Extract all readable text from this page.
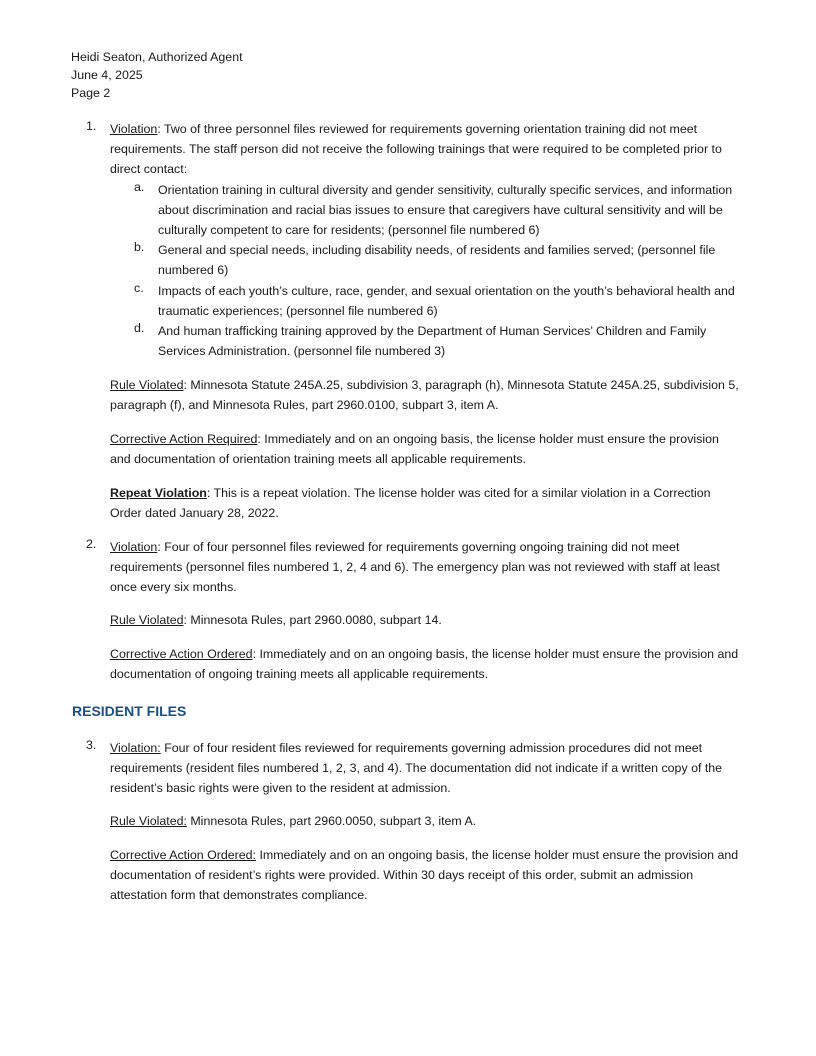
Heidi Seaton, Authorized Agent
June 4, 2025
Page 2
1. Violation: Two of three personnel files reviewed for requirements governing orientation training did not meet requirements. The staff person did not receive the following trainings that were required to be completed prior to direct contact:
a. Orientation training in cultural diversity and gender sensitivity, culturally specific services, and information about discrimination and racial bias issues to ensure that caregivers have cultural sensitivity and will be culturally competent to care for residents; (personnel file numbered 6)
b. General and special needs, including disability needs, of residents and families served; (personnel file numbered 6)
c. Impacts of each youth’s culture, race, gender, and sexual orientation on the youth’s behavioral health and traumatic experiences; (personnel file numbered 6)
d. And human trafficking training approved by the Department of Human Services’ Children and Family Services Administration. (personnel file numbered 3)
Rule Violated: Minnesota Statute 245A.25, subdivision 3, paragraph (h), Minnesota Statute 245A.25, subdivision 5, paragraph (f), and Minnesota Rules, part 2960.0100, subpart 3, item A.
Corrective Action Required: Immediately and on an ongoing basis, the license holder must ensure the provision and documentation of orientation training meets all applicable requirements.
Repeat Violation: This is a repeat violation. The license holder was cited for a similar violation in a Correction Order dated January 28, 2022.
2. Violation: Four of four personnel files reviewed for requirements governing ongoing training did not meet requirements (personnel files numbered 1, 2, 4 and 6). The emergency plan was not reviewed with staff at least once every six months.
Rule Violated: Minnesota Rules, part 2960.0080, subpart 14.
Corrective Action Ordered: Immediately and on an ongoing basis, the license holder must ensure the provision and documentation of ongoing training meets all applicable requirements.
RESIDENT FILES
3. Violation: Four of four resident files reviewed for requirements governing admission procedures did not meet requirements (resident files numbered 1, 2, 3, and 4). The documentation did not indicate if a written copy of the resident’s basic rights were given to the resident at admission.
Rule Violated: Minnesota Rules, part 2960.0050, subpart 3, item A.
Corrective Action Ordered: Immediately and on an ongoing basis, the license holder must ensure the provision and documentation of resident’s rights were provided. Within 30 days receipt of this order, submit an admission attestation form that demonstrates compliance.
